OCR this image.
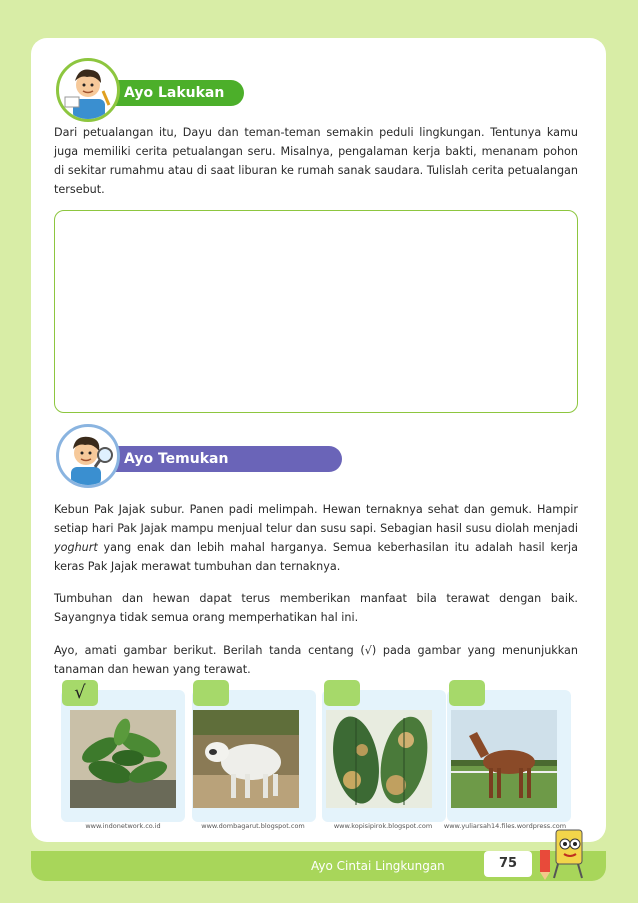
Ayo Lakukan
Dari petualangan itu, Dayu dan teman-teman semakin peduli lingkungan. Tentunya kamu juga memiliki cerita petualangan seru. Misalnya, pengalaman kerja bakti, menanam pohon di sekitar rumahmu atau di saat liburan ke rumah sanak saudara. Tulislah cerita petualangan tersebut.
Ayo Temukan Jawabannya
Kebun Pak Jajak subur. Panen padi melimpah. Hewan ternaknya sehat dan gemuk. Hampir setiap hari Pak Jajak mampu menjual telur dan susu sapi. Sebagian hasil susu diolah menjadi yoghurt yang enak dan lebih mahal harganya. Semua keberhasilan itu adalah hasil kerja keras Pak Jajak merawat tumbuhan dan ternaknya.
Tumbuhan dan hewan dapat terus memberikan manfaat bila terawat dengan baik. Sayangnya tidak semua orang memperhatikan hal ini.
Ayo, amati gambar berikut. Berilah tanda centang (√) pada gambar yang menunjukkan tanaman dan hewan yang terawat.
√
www.indonetwork.co.id	www.dombagarut.blogspot.com	www.kopisipirok.blogspot.com	www.yuliarsah14.files.wordpress.com
Ayo Cintai Lingkungan	75
